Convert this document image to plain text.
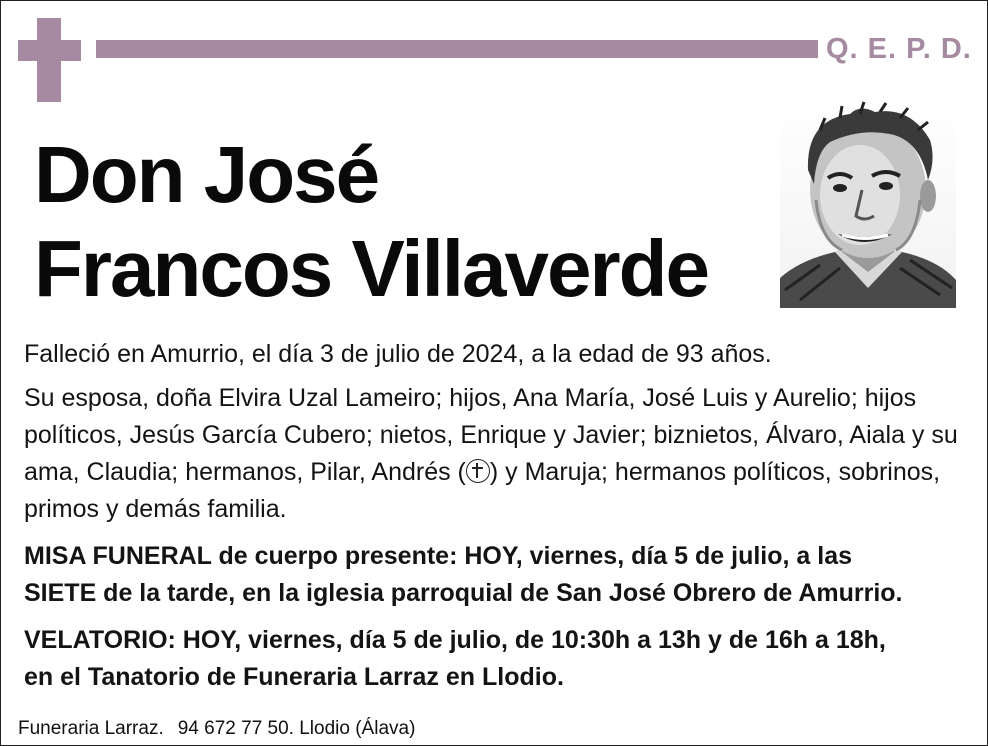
Q. E. P. D.
Don José
Francos Villaverde
Falleció en Amurrio, el día 3 de julio de 2024, a la edad de 93 años.
Su esposa, doña Elvira Uzal Lameiro; hijos, Ana María, José Luis y Aurelio; hijos políticos, Jesús García Cubero; nietos, Enrique y Javier; biznietos, Álvaro, Aiala y su ama, Claudia; hermanos, Pilar, Andrés ( ) y Maruja; hermanos políticos, sobrinos, primos y demás familia.
MISA FUNERAL de cuerpo presente: HOY, viernes, día 5 de julio, a las
SIETE de la tarde, en la iglesia parroquial de San José Obrero de Amurrio.
VELATORIO: HOY, viernes, día 5 de julio, de 10:30h a 13h y de 16h a 18h,
en el Tanatorio de Funeraria Larraz en Llodio.
Funeraria Larraz. 94 672 77 50. Llodio (Álava)
